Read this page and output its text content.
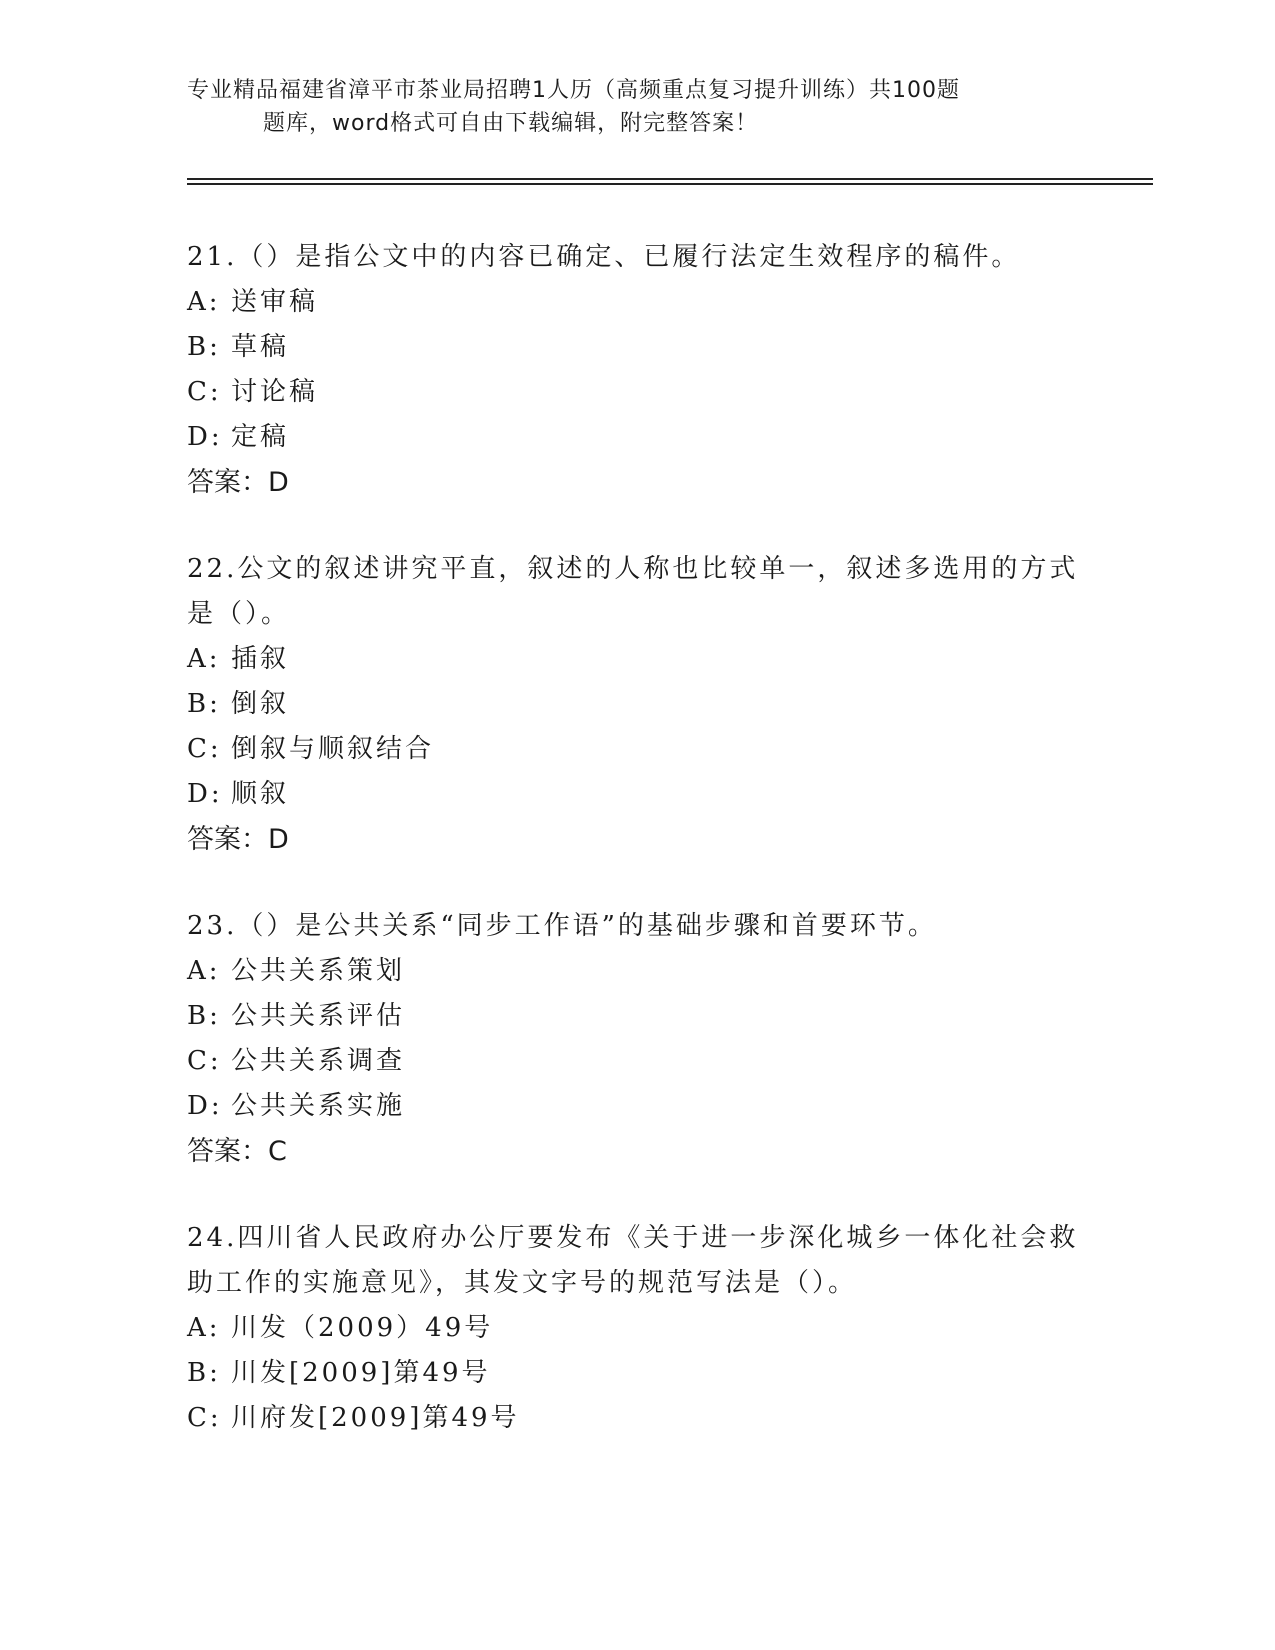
专业精品福建省漳平市茶业局招聘1人历（高频重点复习提升训练）共100题
题库，word格式可自由下载编辑，附完整答案！

21.（）是指公文中的内容已确定、已履行法定生效程序的稿件。

A: 送审稿
B: 草稿
C: 讨论稿
D: 定稿
答案：D

22.公文的叙述讲究平直，叙述的人称也比较单一，叙述多选用的方式是（）。

A: 插叙
B: 倒叙
C: 倒叙与顺叙结合
D: 顺叙
答案：D

23.（）是公共关系“同步工作语”的基础步骤和首要环节。

A: 公共关系策划
B: 公共关系评估
C: 公共关系调查
D: 公共关系实施
答案：C

24.四川省人民政府办公厅要发布《关于进一步深化城乡一体化社会救助工作的实施意见》，其发文字号的规范写法是（）。

A: 川发（2009）49号
B: 川发[2009]第49号
C: 川府发[2009]第49号
